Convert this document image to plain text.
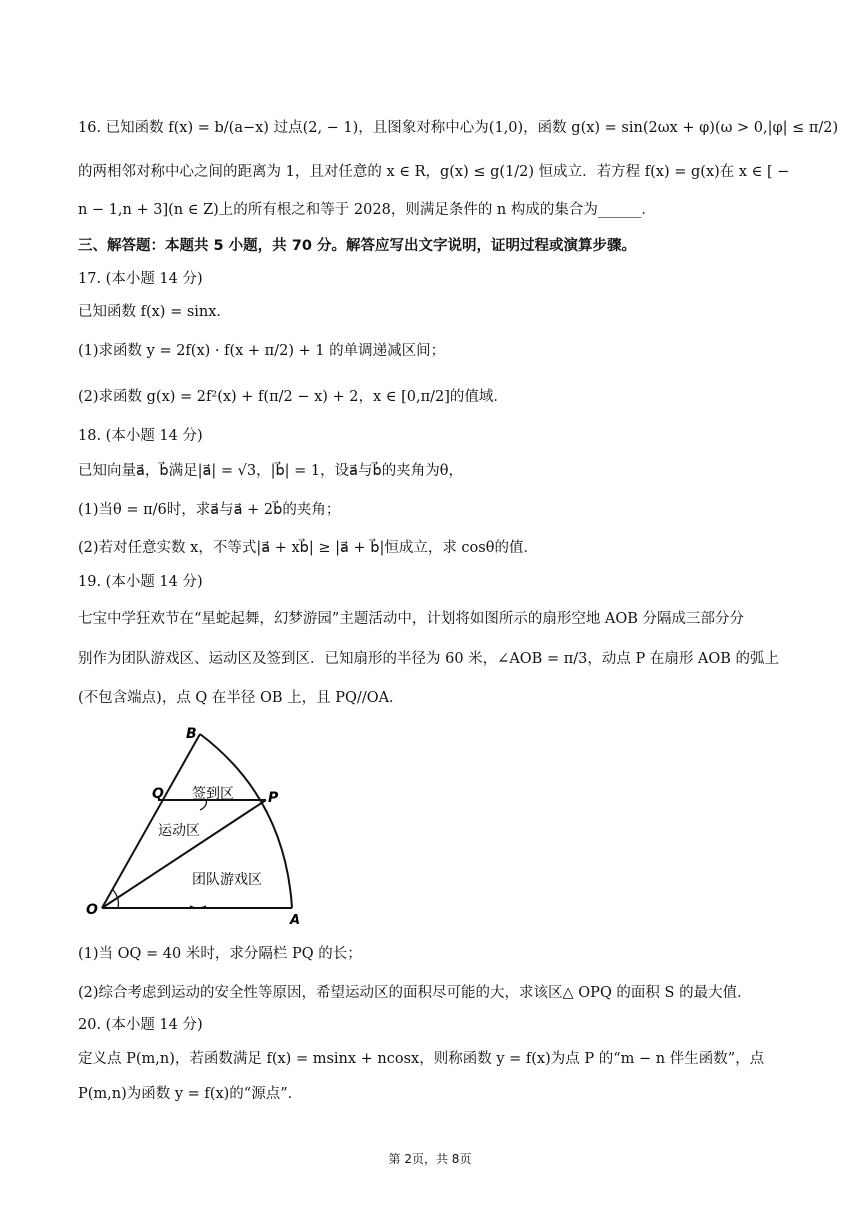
16. 已知函数 f(x) = b/(a−x) 过点(2, − 1)，且图象对称中心为(1,0)，函数 g(x) = sin(2ωx + φ)(ω > 0,|φ| ≤ π/2)
的两相邻对称中心之间的距离为 1，且对任意的 x ∈ R，g(x) ≤ g(1/2) 恒成立．若方程 f(x) = g(x)在 x ∈ [ −
n − 1,n + 3](n ∈ Z)上的所有根之和等于 2028，则满足条件的 n 构成的集合为______．
三、解答题：本题共 5 小题，共 70 分。解答应写出文字说明，证明过程或演算步骤。
17. (本小题 14 分)
已知函数 f(x) = sinx．
(1)求函数 y = 2f(x) · f(x + π/2) + 1 的单调递减区间；
(2)求函数 g(x) = 2f²(x) + f(π/2 − x) + 2，x ∈ [0,π/2]的值域．
18. (本小题 14 分)
已知向量a⃗，b⃗满足|a⃗| = √3，|b⃗| = 1，设a⃗与b⃗的夹角为θ，
(1)当θ = π/6时，求a⃗与a⃗ + 2b⃗的夹角；
(2)若对任意实数 x，不等式|a⃗ + xb⃗| ≥ |a⃗ + b⃗|恒成立，求 cosθ的值．
19. (本小题 14 分)
七宝中学狂欢节在“星蛇起舞，幻梦游园”主题活动中，计划将如图所示的扇形空地 AOB 分隔成三部分分
别作为团队游戏区、运动区及签到区．已知扇形的半径为 60 米，∠AOB = π/3，动点 P 在扇形 AOB 的弧上
(不包含端点)，点 Q 在半径 OB 上，且 PQ//OA．
B
Q	P
O
A
签到区
运动区
团队游戏区
(1)当 OQ = 40 米时，求分隔栏 PQ 的长；
(2)综合考虑到运动的安全性等原因，希望运动区的面积尽可能的大，求该区△ OPQ 的面积 S 的最大值．
20. (本小题 14 分)
定义点 P(m,n)，若函数满足 f(x) = msinx + ncosx，则称函数 y = f(x)为点 P 的“m − n 伴生函数”，点
P(m,n)为函数 y = f(x)的“源点”．
第 2页，共 8页
